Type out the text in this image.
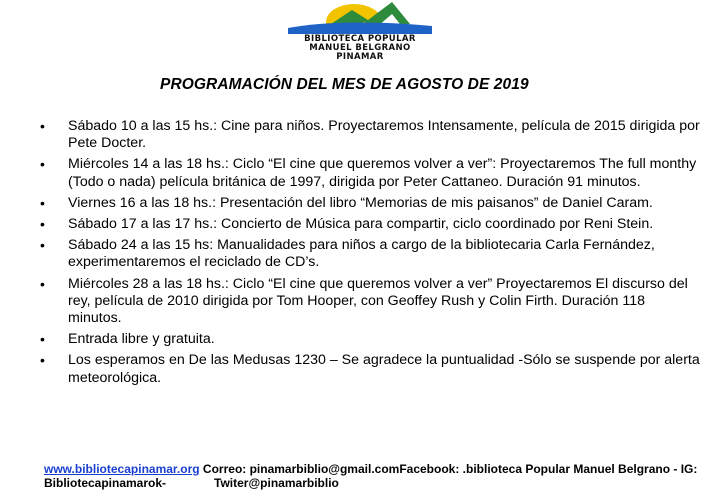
BIBLIOTECA POPULAR
MANUEL BELGRANO
PINAMAR
PROGRAMACIÓN DEL MES DE AGOSTO DE 2019
• Sábado 10 a las 15 hs.: Cine para niños. Proyectaremos Intensamente, película de 2015 dirigida por Pete Docter.
• Miércoles 14 a las 18 hs.: Ciclo “El cine que queremos volver a ver”: Proyectaremos The full monthy (Todo o nada) película británica de 1997, dirigida por Peter Cattaneo. Duración 91 minutos.
• Viernes 16 a las 18 hs.: Presentación del libro “Memorias de mis paisanos” de Daniel Caram.
• Sábado 17 a las 17 hs.: Concierto de Música para compartir, ciclo coordinado por Reni Stein.
• Sábado 24 a las 15 hs: Manualidades para niños a cargo de la bibliotecaria Carla Fernández, experimentaremos el reciclado de CD’s.
• Miércoles 28 a las 18 hs.: Ciclo “El cine que queremos volver a ver” Proyectaremos El discurso del rey, película de 2010 dirigida por Tom Hooper, con Geoffey Rush y Colin Firth. Duración 118 minutos.
• Entrada libre y gratuita.
• Los esperamos en De las Medusas 1230 – Se agradece la puntualidad -Sólo se suspende por alerta meteorológica.
www.bibliotecapinamar.org Correo: pinamarbiblio@gmail.comFacebook: .biblioteca Popular Manuel Belgrano - IG: Bibliotecapinamarok-	Twiter@pinamarbiblio
